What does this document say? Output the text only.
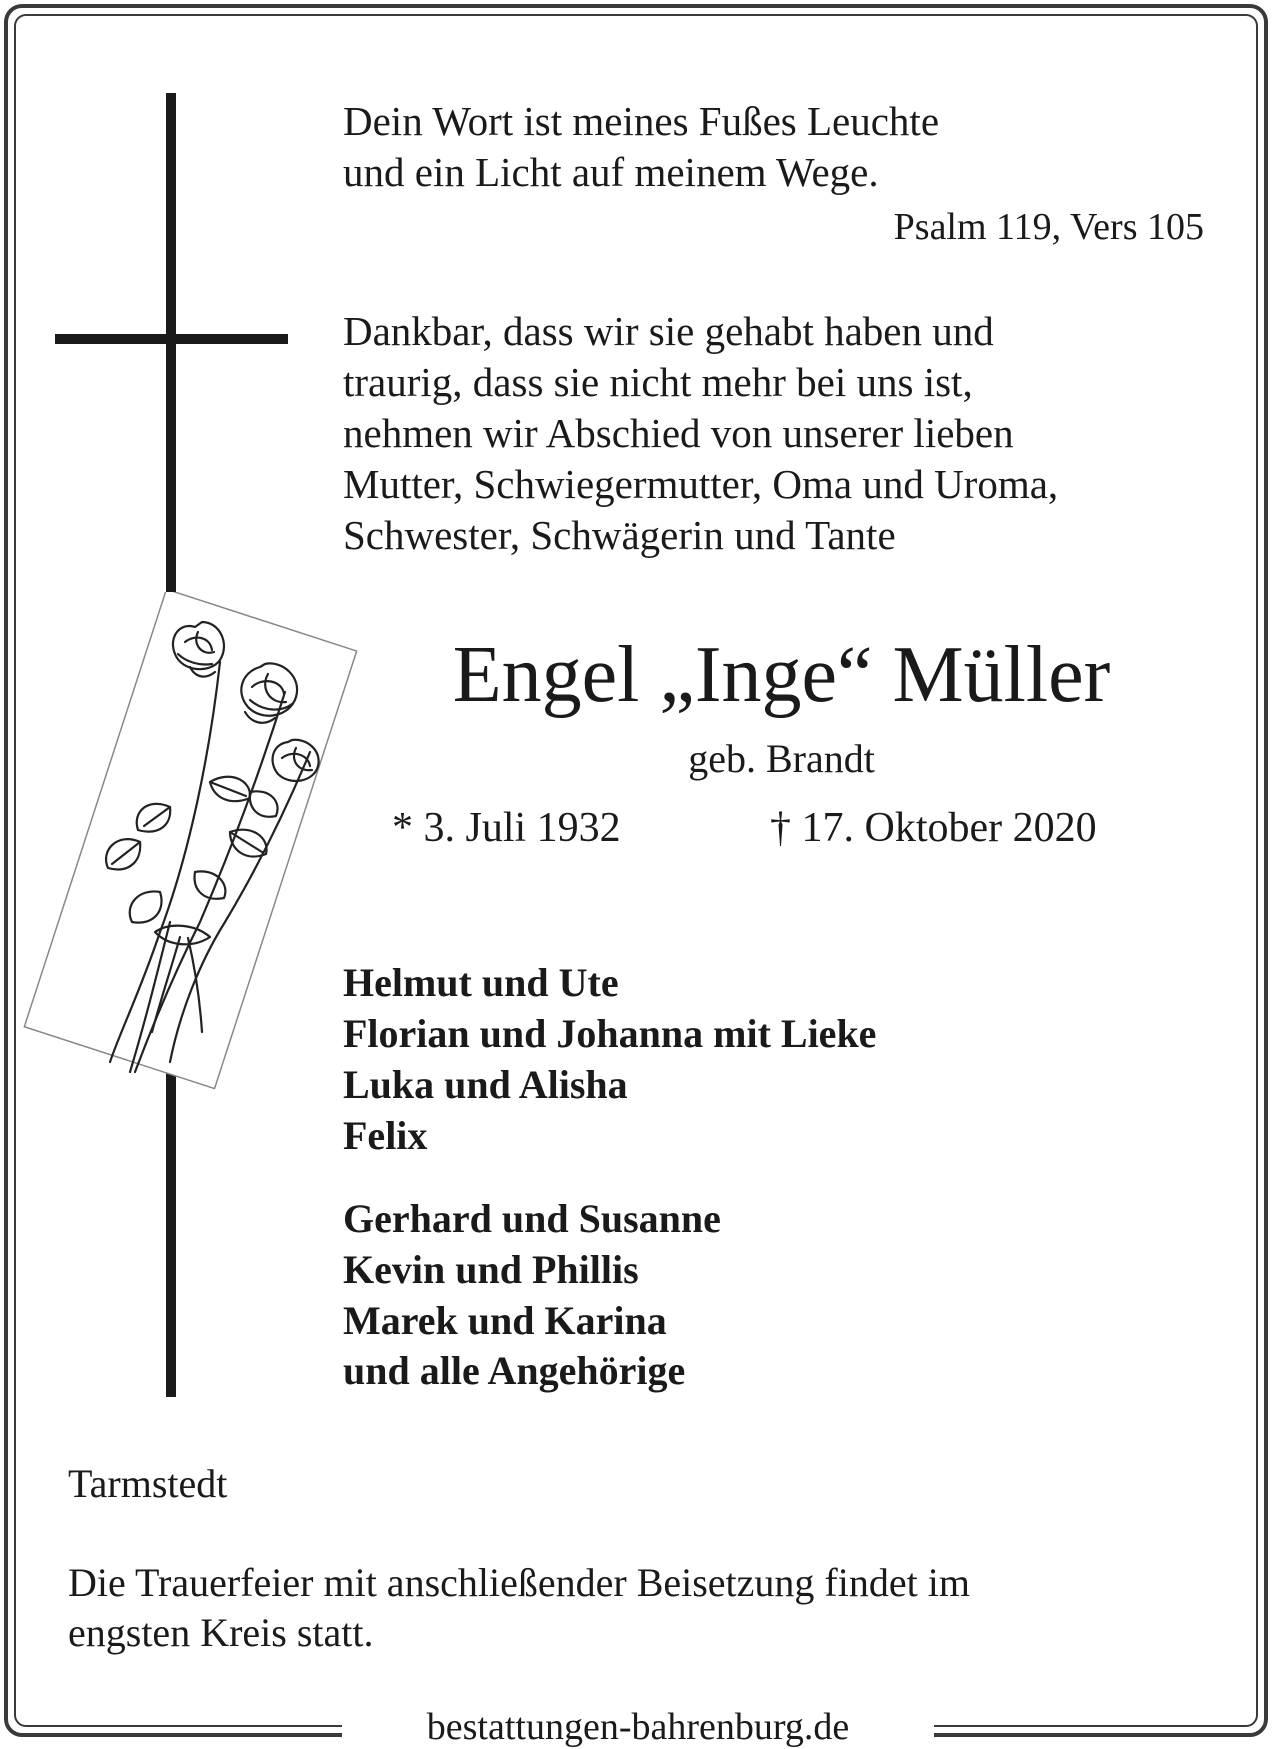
Dein Wort ist meines Fußes Leuchte
und ein Licht auf meinem Wege.
Psalm 119, Vers 105
Dankbar, dass wir sie gehabt haben und
traurig, dass sie nicht mehr bei uns ist,
nehmen wir Abschied von unserer lieben
Mutter, Schwiegermutter, Oma und Uroma,
Schwester, Schwägerin und Tante
Engel „Inge“ Müller
geb. Brandt
* 3. Juli 1932	† 17. Oktober 2020
Helmut und Ute
Florian und Johanna mit Lieke
Luka und Alisha
Felix
Gerhard und Susanne
Kevin und Phillis
Marek und Karina
und alle Angehörige
Tarmstedt
Die Trauerfeier mit anschließender Beisetzung findet im
engsten Kreis statt.
bestattungen-bahrenburg.de
